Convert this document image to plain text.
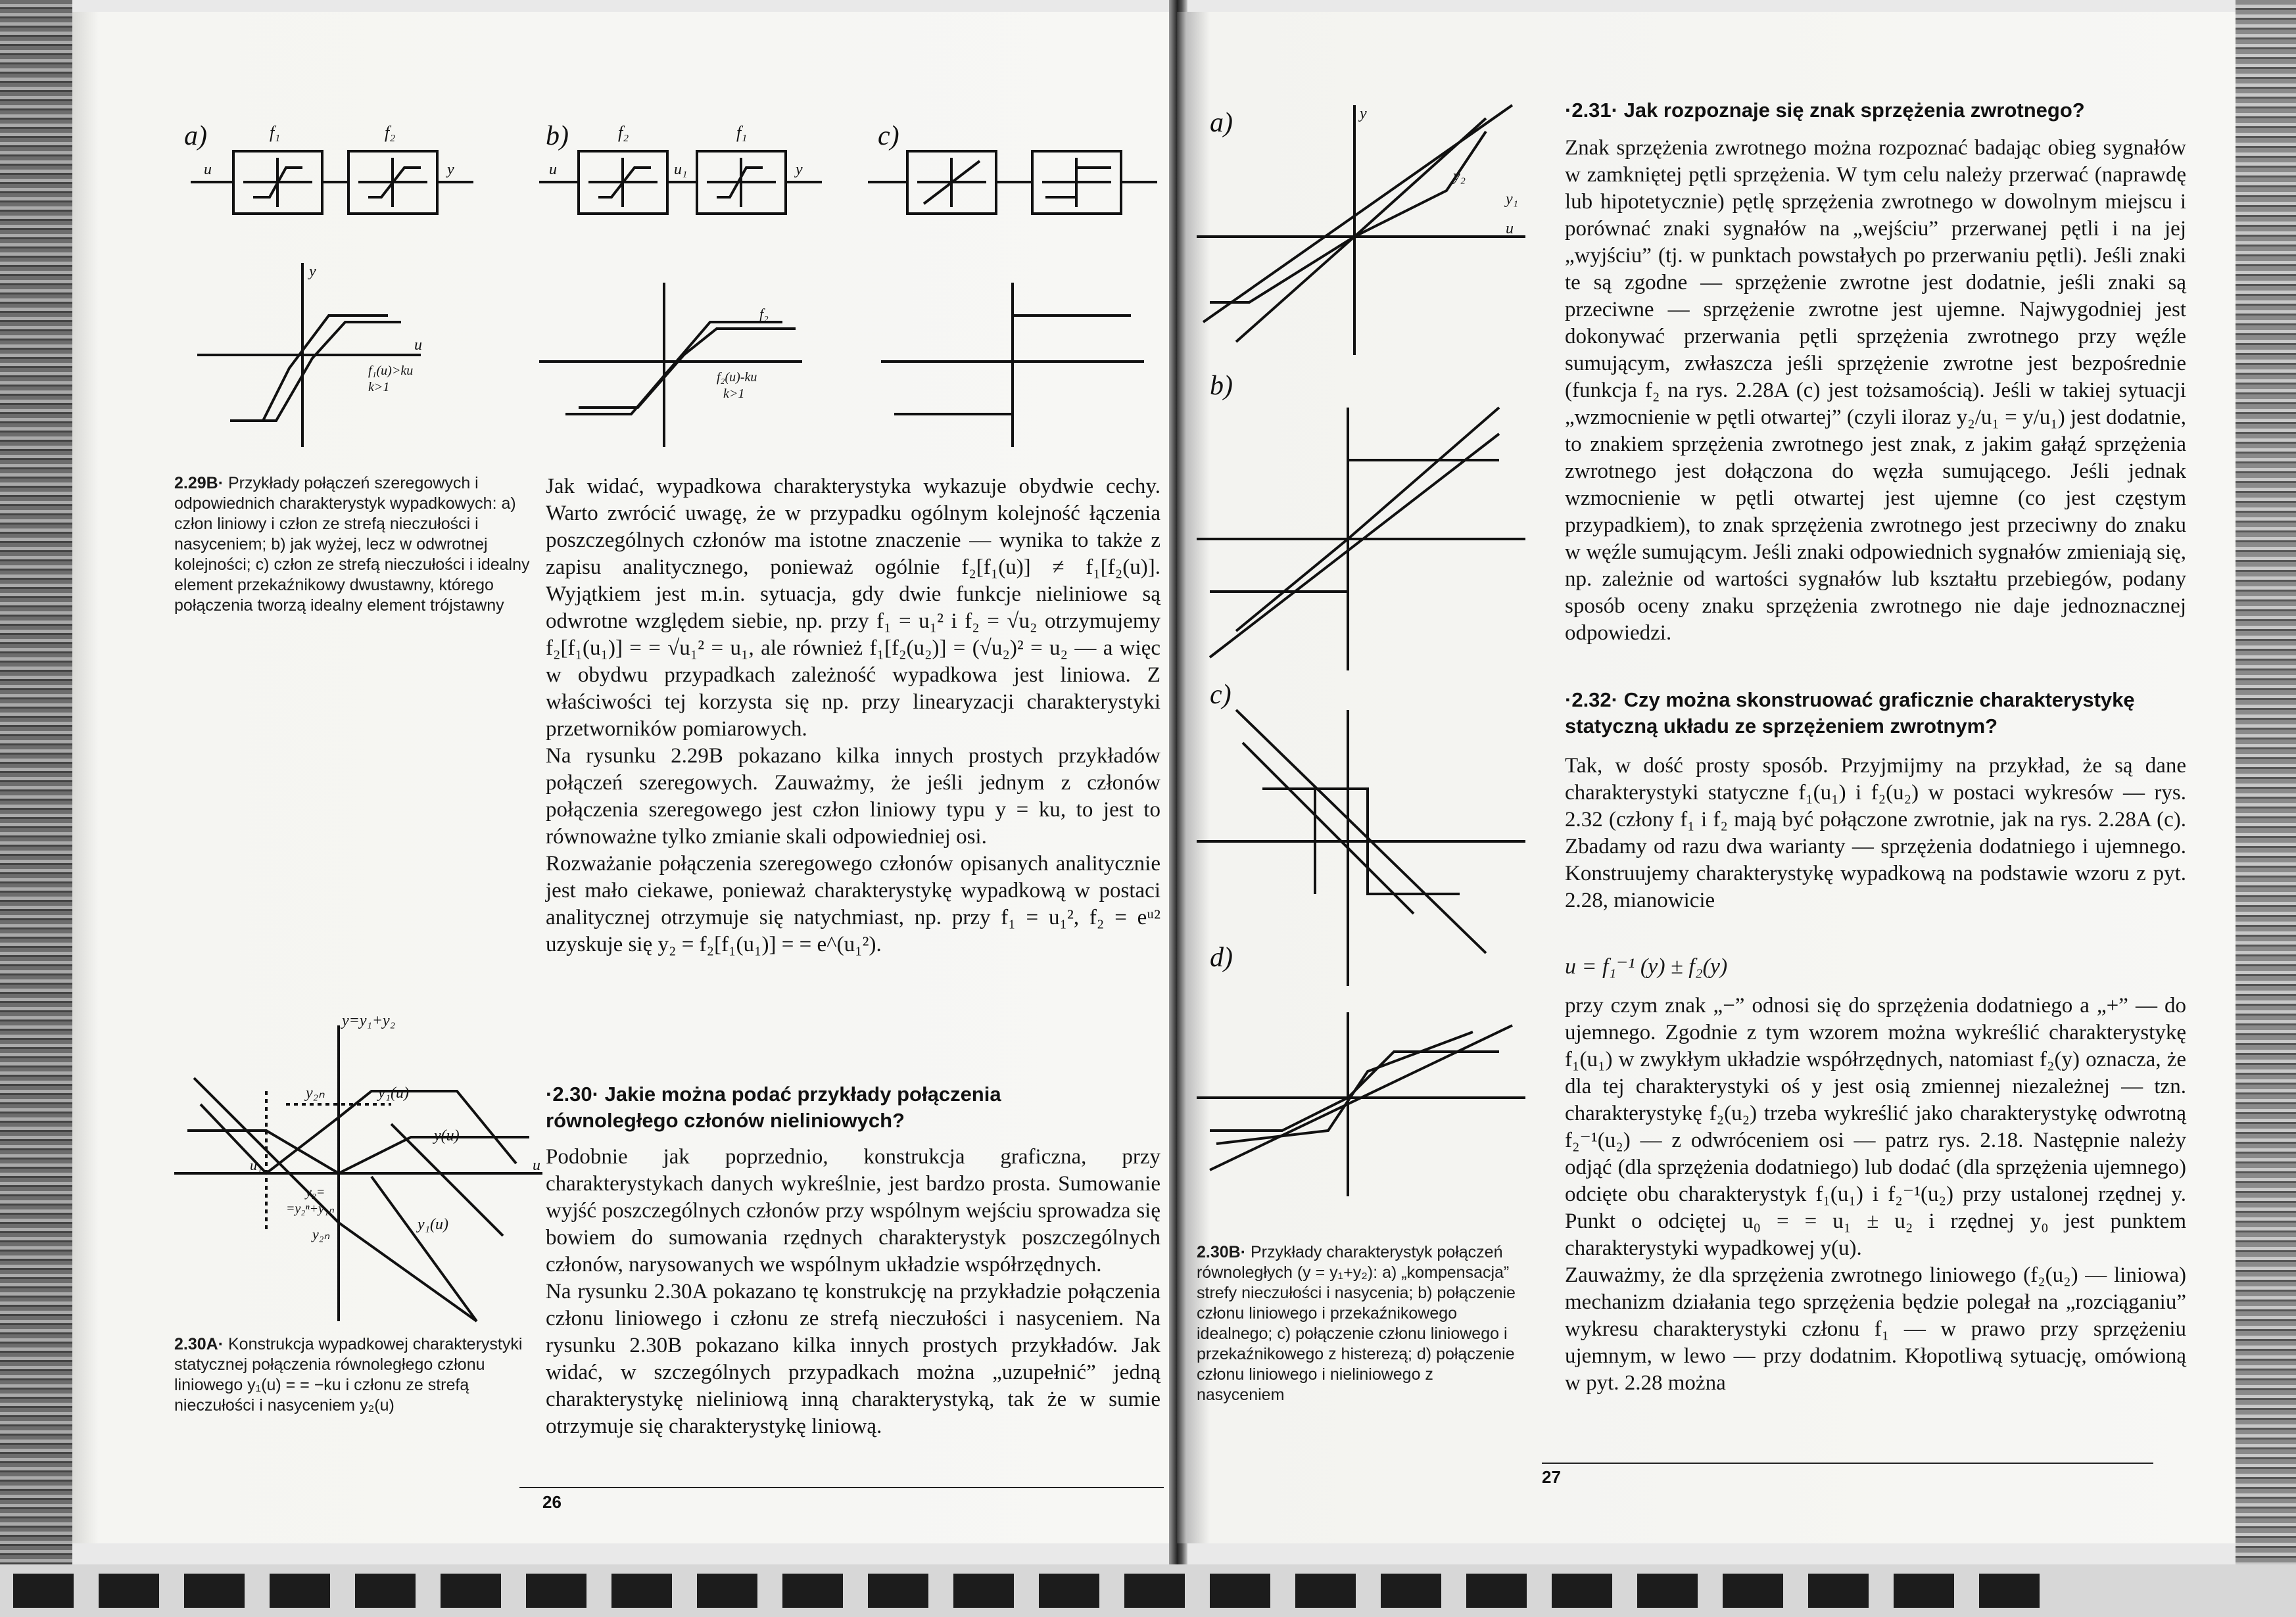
a)	b)	c)
f₁	f₂	f₂	f₁
u	y	u	u₁	y
y
u
f₁(u)>ku
k>1
f₂
f₂(u)-ku
k>1
2.29B· Przykłady połączeń szeregowych i odpowiednich charakterystyk wypadkowych: a) człon liniowy i człon ze strefą nieczułości i nasyceniem; b) jak wyżej, lecz w odwrotnej kolejności; c) człon ze strefą nieczułości i idealny element przekaźnikowy dwustawny, którego połączenia tworzą idealny element trójstawny
y=y₁+y₂
y₂ₙ	y₁(u)
y(u)
u
u₁
y₂=
=y₂ⁿ+y₁ₙ
y₂ₙ
y₁(u)
2.30A· Konstrukcja wypadkowej charakterystyki statycznej połączenia równoległego członu liniowego y₁(u) = = −ku i członu ze strefą nieczułości i nasyceniem y₂(u)

Jak widać, wypadkowa charakterystyka wykazuje obydwie cechy. Warto zwrócić uwagę, że w przypadku ogólnym kolejność łączenia poszczególnych członów ma istotne znaczenie — wynika to także z zapisu analitycznego, ponieważ ogólnie f₂[f₁(u)] ≠ f₁[f₂(u)]. Wyjątkiem jest m.in. sytuacja, gdy dwie funkcje nieliniowe są odwrotne względem siebie, np. przy f₁ = u₁² i f₂ = √u₂ otrzymujemy f₂[f₁(u₁)] = = √u₁² = u₁, ale również f₁[f₂(u₂)] = (√u₂)² = u₂ — a więc w obydwu przypadkach zależność wypadkowa jest liniowa. Z właściwości tej korzysta się np. przy linearyzacji charakterystyki przetworników pomiarowych.

Na rysunku 2.29B pokazano kilka innych prostych przykładów połączeń szeregowych. Zauważmy, że jeśli jednym z członów połączenia szeregowego jest człon liniowy typu y = ku, to jest to równoważne tylko zmianie skali odpowiedniej osi.

Rozważanie połączenia szeregowego członów opisanych analitycznie jest mało ciekawe, ponieważ charakterystykę wypadkową w postaci analitycznej otrzymuje się natychmiast, np. przy f₁ = u₁², f₂ = eᵘ² uzyskuje się y₂ = f₂[f₁(u₁)] = = e^(u₁²).

·2.30· Jakie można podać przykłady połączenia równoległego członów nieliniowych?

Podobnie jak poprzednio, konstrukcja graficzna, przy charakterystykach danych wykreślnie, jest bardzo prosta. Sumowanie wyjść poszczególnych członów przy wspólnym wejściu sprowadza się bowiem do sumowania rzędnych charakterystyk poszczególnych członów, narysowanych we wspólnym układzie współrzędnych.

Na rysunku 2.30A pokazano tę konstrukcję na przykładzie połączenia członu liniowego i członu ze strefą nieczułości i nasyceniem. Na rysunku 2.30B pokazano kilka innych prostych przykładów. Jak widać, w szczególnych przypadkach można „uzupełnić” jedną charakterystykę nieliniową inną charakterystyką, tak że w sumie otrzymuje się charakterystykę liniową.

26
a)
b)
c)
d)
y
u
y₁
y₂
2.30B· Przykłady charakterystyk połączeń równoległych (y = y₁+y₂): a) „kompensacja” strefy nieczułości i nasycenia; b) połączenie członu liniowego i przekaźnikowego idealnego; c) połączenie członu liniowego i przekaźnikowego z histerezą; d) połączenie członu liniowego i nieliniowego z nasyceniem
·2.31· Jak rozpoznaje się znak sprzężenia zwrotnego?

Znak sprzężenia zwrotnego można rozpoznać badając obieg sygnałów w zamkniętej pętli sprzężenia. W tym celu należy przerwać (naprawdę lub hipotetycznie) pętlę sprzężenia zwrotnego w dowolnym miejscu i porównać znaki sygnałów na „wejściu” przerwanej pętli i na jej „wyjściu” (tj. w punktach powstałych po przerwaniu pętli). Jeśli znaki te są zgodne — sprzężenie zwrotne jest dodatnie, jeśli znaki są przeciwne — sprzężenie zwrotne jest ujemne. Najwygodniej jest dokonywać przerwania pętli sprzężenia zwrotnego przy węźle sumującym, zwłaszcza jeśli sprzężenie zwrotne jest bezpośrednie (funkcja f₂ na rys. 2.28A (c) jest tożsamością). Jeśli w takiej sytuacji „wzmocnienie w pętli otwartej” (czyli iloraz y₂/u₁ = y/u₁) jest dodatnie, to znakiem sprzężenia zwrotnego jest znak, z jakim gałąź sprzężenia zwrotnego jest dołączona do węzła sumującego. Jeśli jednak wzmocnienie w pętli otwartej jest ujemne (co jest częstym przypadkiem), to znak sprzężenia zwrotnego jest przeciwny do znaku w węźle sumującym. Jeśli znaki odpowiednich sygnałów zmieniają się, np. zależnie od wartości sygnałów lub kształtu przebiegów, podany sposób oceny znaku sprzężenia zwrotnego nie daje jednoznacznej odpowiedzi.

·2.32· Czy można skonstruować graficznie charakterystykę statyczną układu ze sprzężeniem zwrotnym?

Tak, w dość prosty sposób. Przyjmijmy na przykład, że są dane charakterystyki statyczne f₁(u₁) i f₂(u₂) w postaci wykresów — rys. 2.32 (człony f₁ i f₂ mają być połączone zwrotnie, jak na rys. 2.28A (c). Zbadamy od razu dwa warianty — sprzężenia dodatniego i ujemnego. Konstruujemy charakterystykę wypadkową na podstawie wzoru z pyt. 2.28, mianowicie

u = f₁⁻¹ (y) ± f₂(y)

przy czym znak „−” odnosi się do sprzężenia dodatniego a „+” — do ujemnego. Zgodnie z tym wzorem można wykreślić charakterystykę f₁(u₁) w zwykłym układzie współrzędnych, natomiast f₂(y) oznacza, że dla tej charakterystyki oś y jest osią zmiennej niezależnej — tzn. charakterystykę f₂(u₂) trzeba wykreślić jako charakterystykę odwrotną f₂⁻¹(u₂) — z odwróceniem osi — patrz rys. 2.18. Następnie należy odjąć (dla sprzężenia dodatniego) lub dodać (dla sprzężenia ujemnego) odcięte obu charakterystyk f₁(u₁) i f₂⁻¹(u₂) przy ustalonej rzędnej y. Punkt o odciętej u₀ = = u₁ ± u₂ i rzędnej y₀ jest punktem charakterystyki wypadkowej y(u).

Zauważmy, że dla sprzężenia zwrotnego liniowego (f₂(u₂) — liniowa) mechanizm działania tego sprzężenia będzie polegał na „rozciąganiu” wykresu charakterystyki członu f₁ — w prawo przy sprzężeniu ujemnym, w lewo — przy dodatnim. Kłopotliwą sytuację, omówioną w pyt. 2.28 można

27
